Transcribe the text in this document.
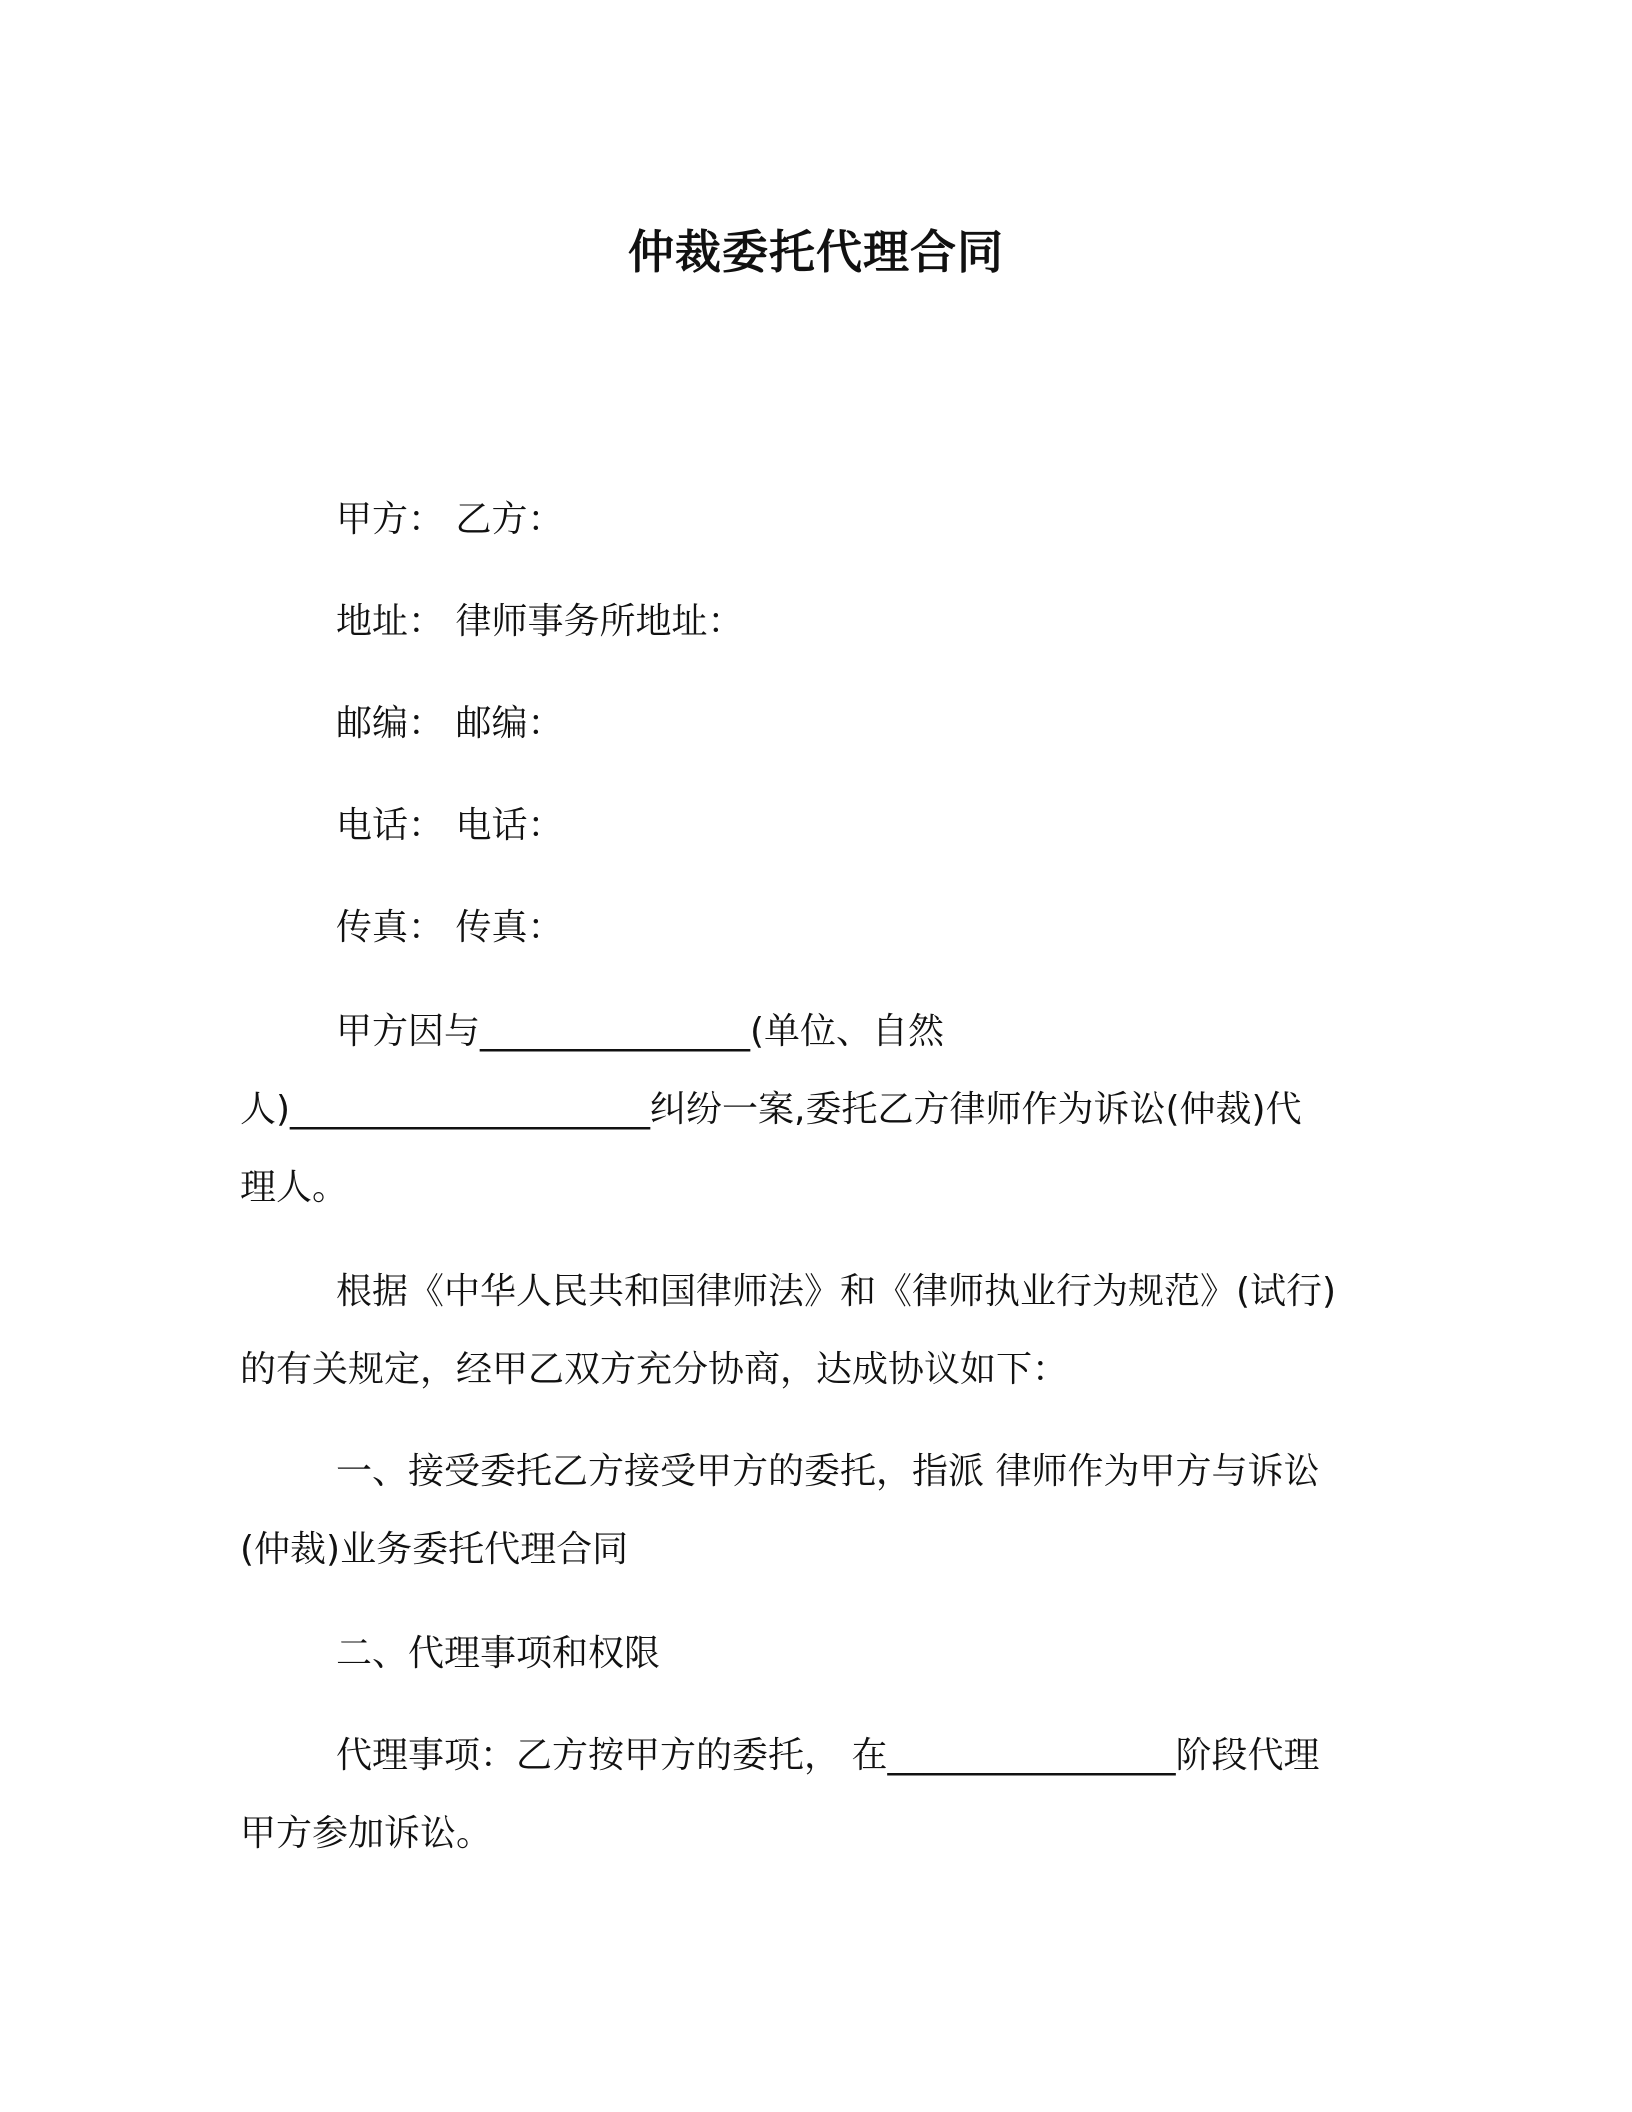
仲裁委托代理合同
甲方： 乙方：
地址： 律师事务所地址：
邮编： 邮编：
电话： 电话：
传真： 传真：
甲方因与_______________(单位、自然
人)____________________纠纷一案,委托乙方律师作为诉讼(仲裁)代
理人。
根据《中华人民共和国律师法》和《律师执业行为规范》(试行)
的有关规定，经甲乙双方充分协商，达成协议如下：
一、接受委托乙方接受甲方的委托，指派 律师作为甲方与诉讼
(仲裁)业务委托代理合同
二、代理事项和权限
代理事项：乙方按甲方的委托， 在________________阶段代理
甲方参加诉讼。
